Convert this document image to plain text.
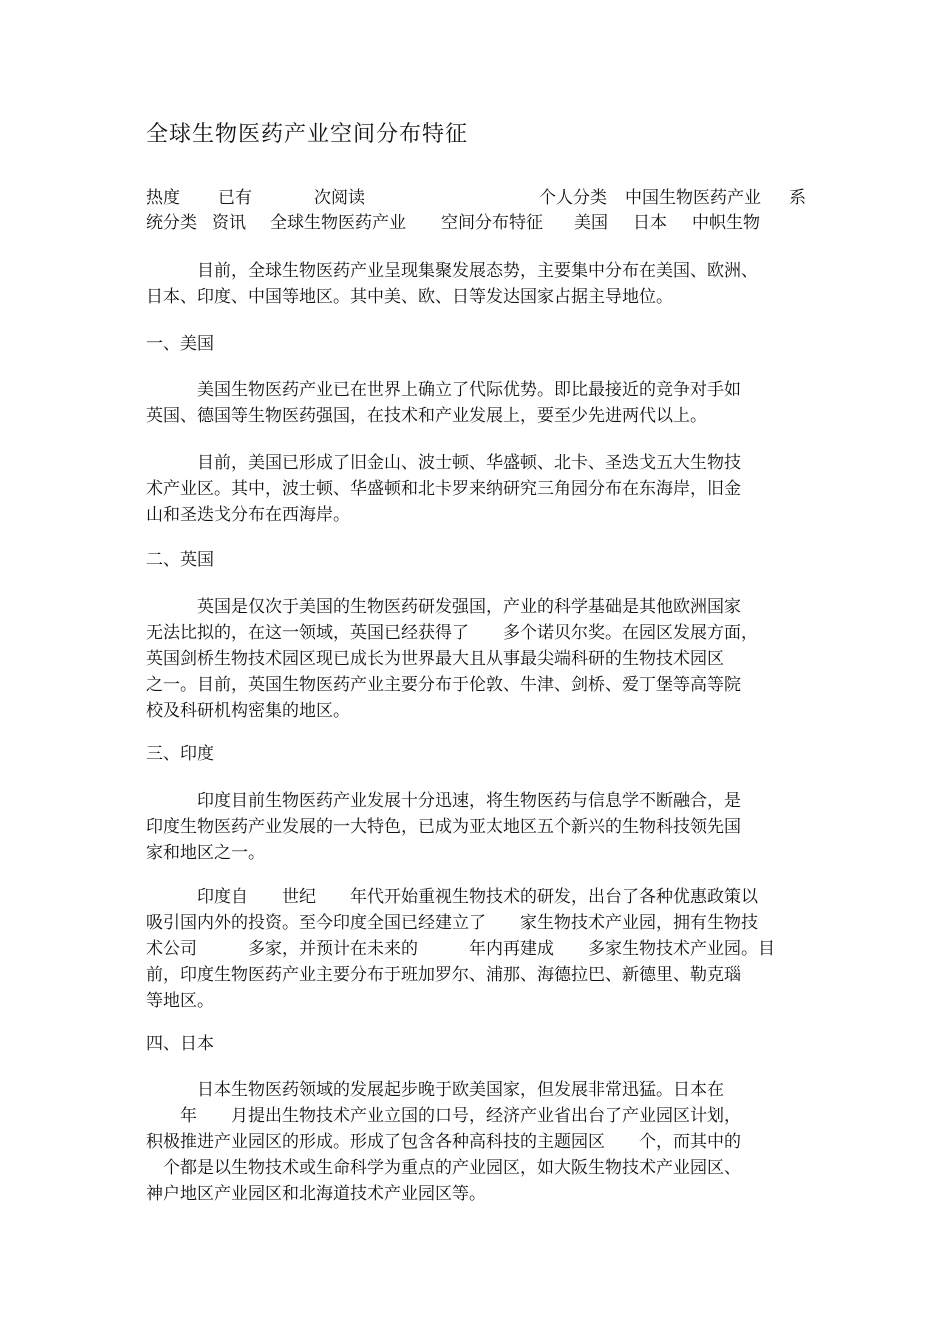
全球生物医药产业空间分布特征
热度 已有	次阅读	个人分类 中国生物医药产业 系
统分类 资讯 全球生物医药产业 空间分布特征 美国 日本 中帜生物
　　　目前，全球生物医药产业呈现集聚发展态势，主要集中分布在美国、欧洲、
日本、印度、中国等地区。其中美、欧、日等发达国家占据主导地位。
一、美国
　　　美国生物医药产业已在世界上确立了代际优势。即比最接近的竞争对手如
英国、德国等生物医药强国，在技术和产业发展上，要至少先进两代以上。
　　　目前，美国已形成了旧金山、波士顿、华盛顿、北卡、圣迭戈五大生物技
术产业区。其中，波士顿、华盛顿和北卡罗来纳研究三角园分布在东海岸，旧金
山和圣迭戈分布在西海岸。
二、英国
　　　英国是仅次于美国的生物医药研发强国，产业的科学基础是其他欧洲国家
无法比拟的，在这一领域，英国已经获得了　　多个诺贝尔奖。在园区发展方面，
英国剑桥生物技术园区现已成长为世界最大且从事最尖端科研的生物技术园区
之一。目前，英国生物医药产业主要分布于伦敦、牛津、剑桥、爱丁堡等高等院
校及科研机构密集的地区。
三、印度
　　　印度目前生物医药产业发展十分迅速，将生物医药与信息学不断融合，是
印度生物医药产业发展的一大特色，已成为亚太地区五个新兴的生物科技领先国
家和地区之一。
　　　印度自　　世纪　　年代开始重视生物技术的研发，出台了各种优惠政策以
吸引国内外的投资。至今印度全国已经建立了　　家生物技术产业园，拥有生物技
术公司　　　多家，并预计在未来的　　　年内再建成　　多家生物技术产业园。目
前，印度生物医药产业主要分布于班加罗尔、浦那、海德拉巴、新德里、勒克瑙
等地区。
四、日本
　　　日本生物医药领域的发展起步晚于欧美国家，但发展非常迅猛。日本在
　　年　　月提出生物技术产业立国的口号，经济产业省出台了产业园区计划，
积极推进产业园区的形成。形成了包含各种高科技的主题园区　　个，而其中的
　个都是以生物技术或生命科学为重点的产业园区，如大阪生物技术产业园区、
神户地区产业园区和北海道技术产业园区等。
